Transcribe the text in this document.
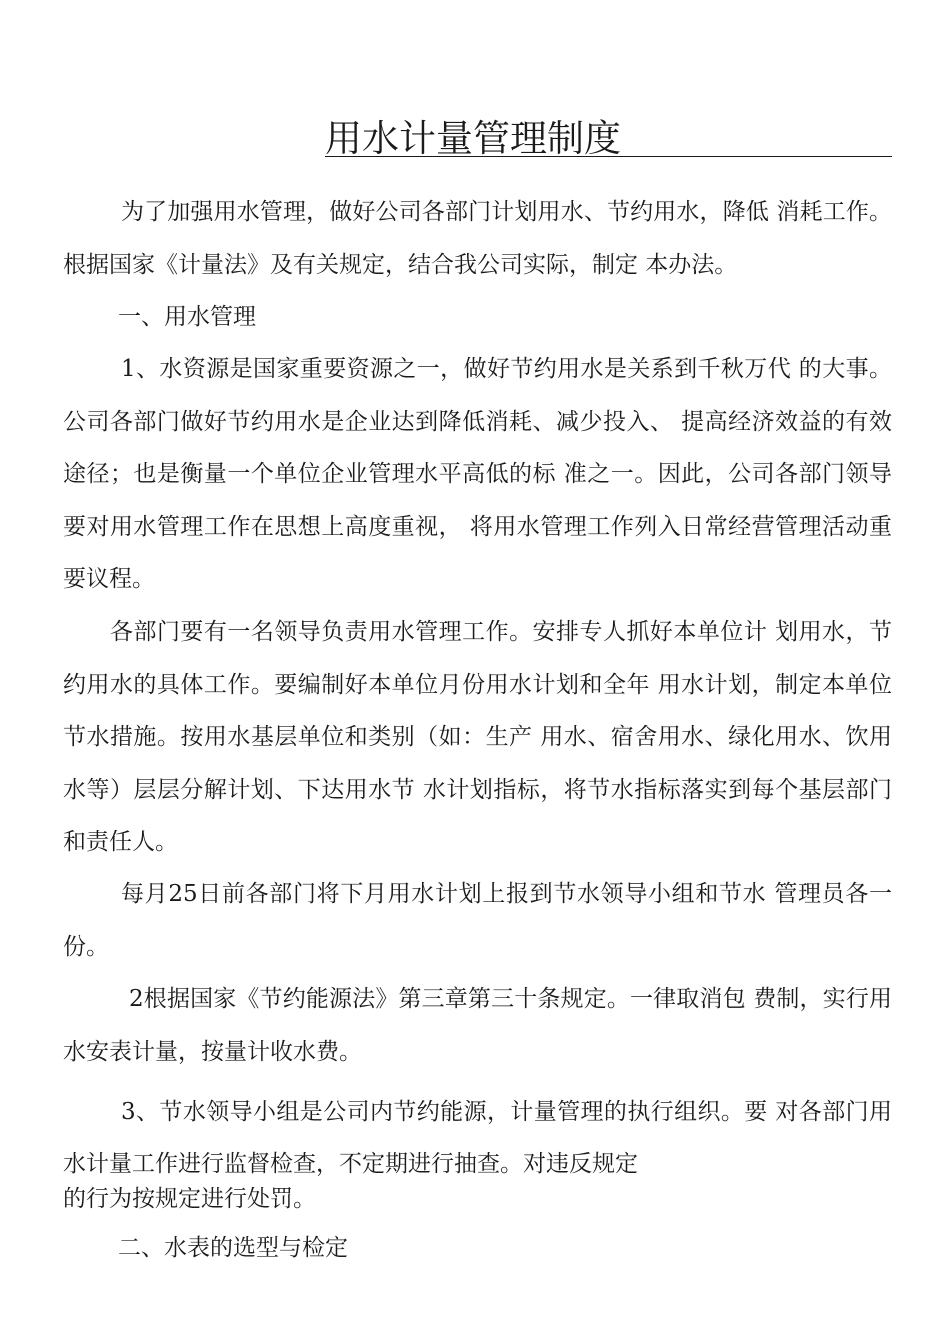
用水计量管理制度
为了加强用水管理，做好公司各部门计划用水、节约用水，降低 消耗工作。根据国家《计量法》及有关规定，结合我公司实际，制定 本办法。
一、用水管理
1、水资源是国家重要资源之一，做好节约用水是关系到千秋万代 的大事。公司各部门做好节约用水是企业达到降低消耗、减少投入、 提高经济效益的有效途径；也是衡量一个单位企业管理水平高低的标 准之一。因此，公司各部门领导要对用水管理工作在思想上高度重视， 将用水管理工作列入日常经营管理活动重要议程。
各部门要有一名领导负责用水管理工作。安排专人抓好本单位计 划用水，节约用水的具体工作。要编制好本单位月份用水计划和全年 用水计划，制定本单位节水措施。按用水基层单位和类别（如：生产 用水、宿舍用水、绿化用水、饮用水等）层层分解计划、下达用水节 水计划指标，将节水指标落实到每个基层部门和责任人。
每月25日前各部门将下月用水计划上报到节水领导小组和节水 管理员各一份。
2根据国家《节约能源法》第三章第三十条规定。一律取消包 费制，实行用水安表计量，按量计收水费。
3、节水领导小组是公司内节约能源，计量管理的执行组织。要 对各部门用水计量工作进行监督检查，不定期进行抽查。对违反规定
的行为按规定进行处罚。
二、水表的选型与检定
